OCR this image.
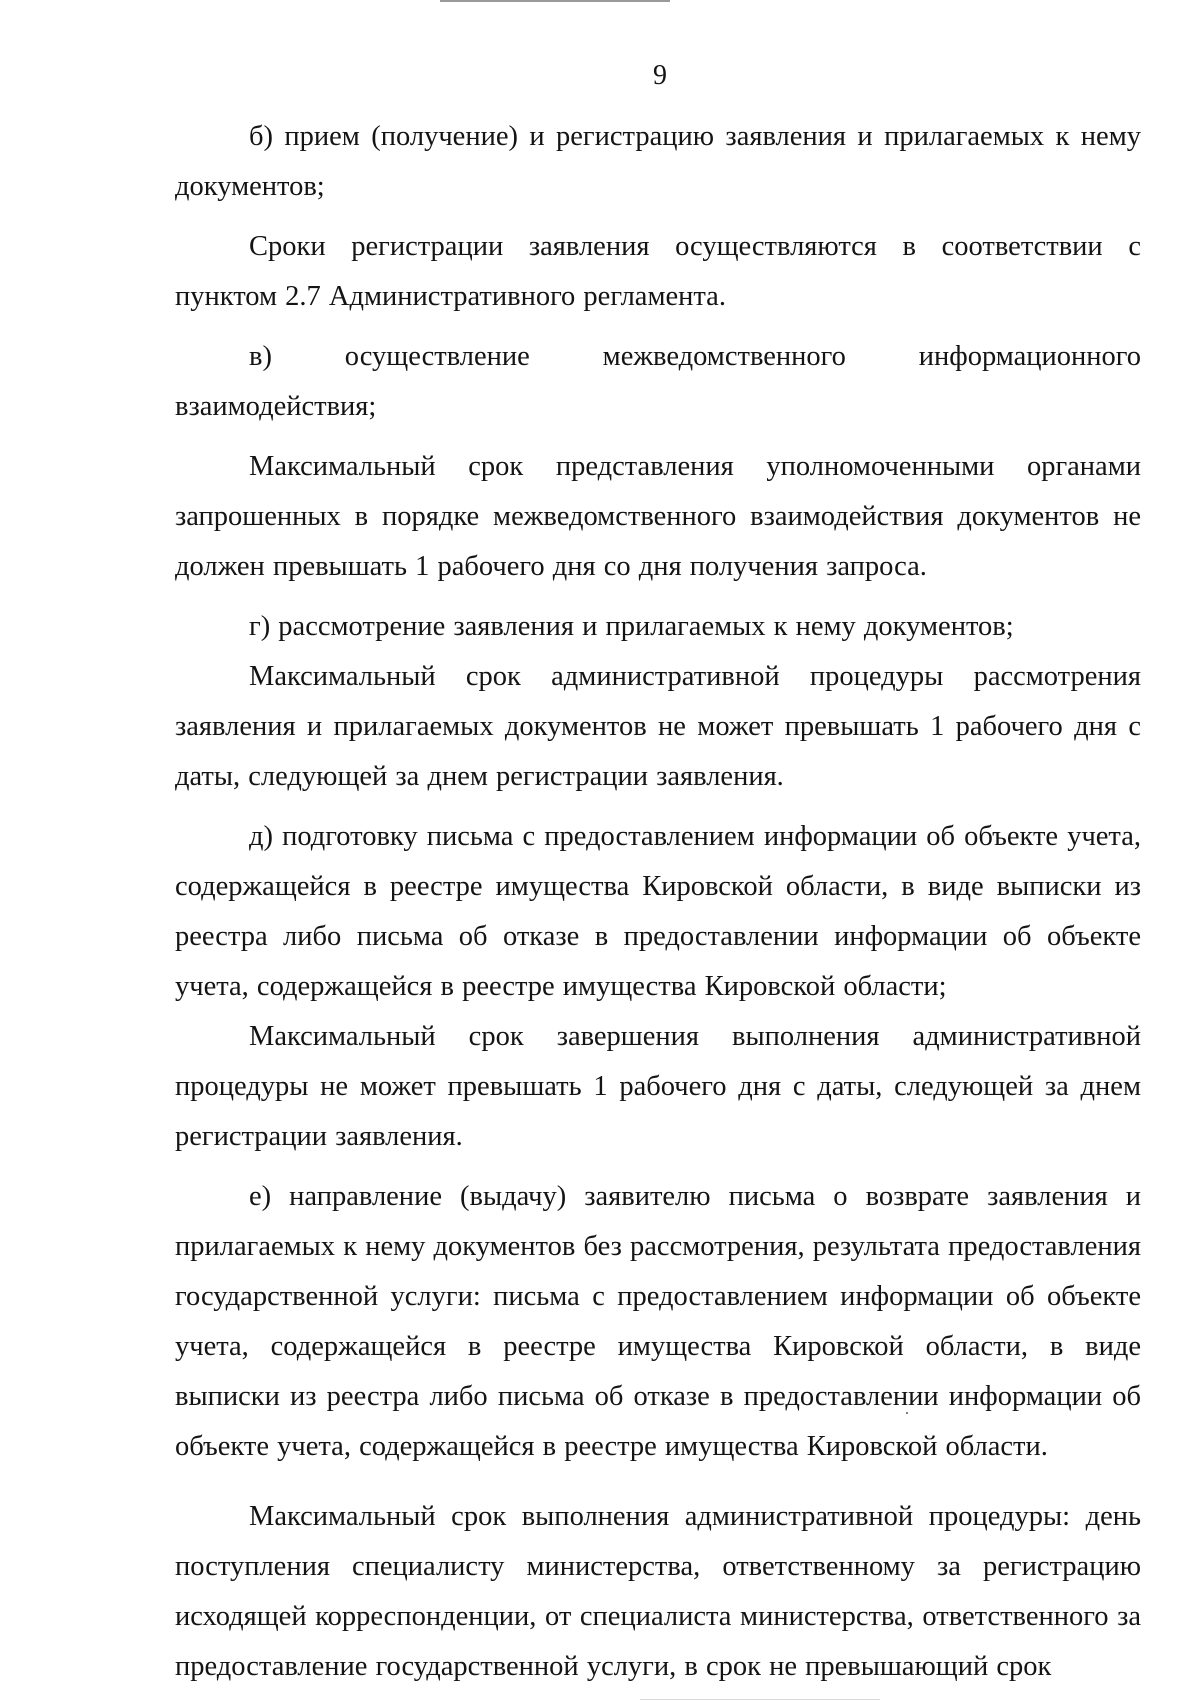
9

б) прием (получение) и регистрацию заявления и прилагаемых к нему документов;

Сроки регистрации заявления осуществляются в соответствии с пунктом 2.7 Административного регламента.

в) осуществление межведомственного информационного взаимодействия;

Максимальный срок представления уполномоченными органами запрошенных в порядке межведомственного взаимодействия документов не должен превышать 1 рабочего дня со дня получения запроса.

г) рассмотрение заявления и прилагаемых к нему документов;

Максимальный срок административной процедуры рассмотрения заявления и прилагаемых документов не может превышать 1 рабочего дня с даты, следующей за днем регистрации заявления.

д) подготовку письма с предоставлением информации об объекте учета, содержащейся в реестре имущества Кировской области, в виде выписки из реестра либо письма об отказе в предоставлении информации об объекте учета, содержащейся в реестре имущества Кировской области;

Максимальный срок завершения выполнения административной процедуры не может превышать 1 рабочего дня с даты, следующей за днем регистрации заявления.

е) направление (выдачу) заявителю письма о возврате заявления и прилагаемых к нему документов без рассмотрения, результата предоставления государственной услуги: письма с предоставлением информации об объекте учета, содержащейся в реестре имущества Кировской области, в виде выписки из реестра либо письма об отказе в предоставлении информации об объекте учета, содержащейся в реестре имущества Кировской области.

Максимальный срок выполнения административной процедуры: день поступления специалисту министерства, ответственному за регистрацию исходящей корреспонденции, от специалиста министерства, ответственного за предоставление государственной услуги, в срок не превышающий срок
